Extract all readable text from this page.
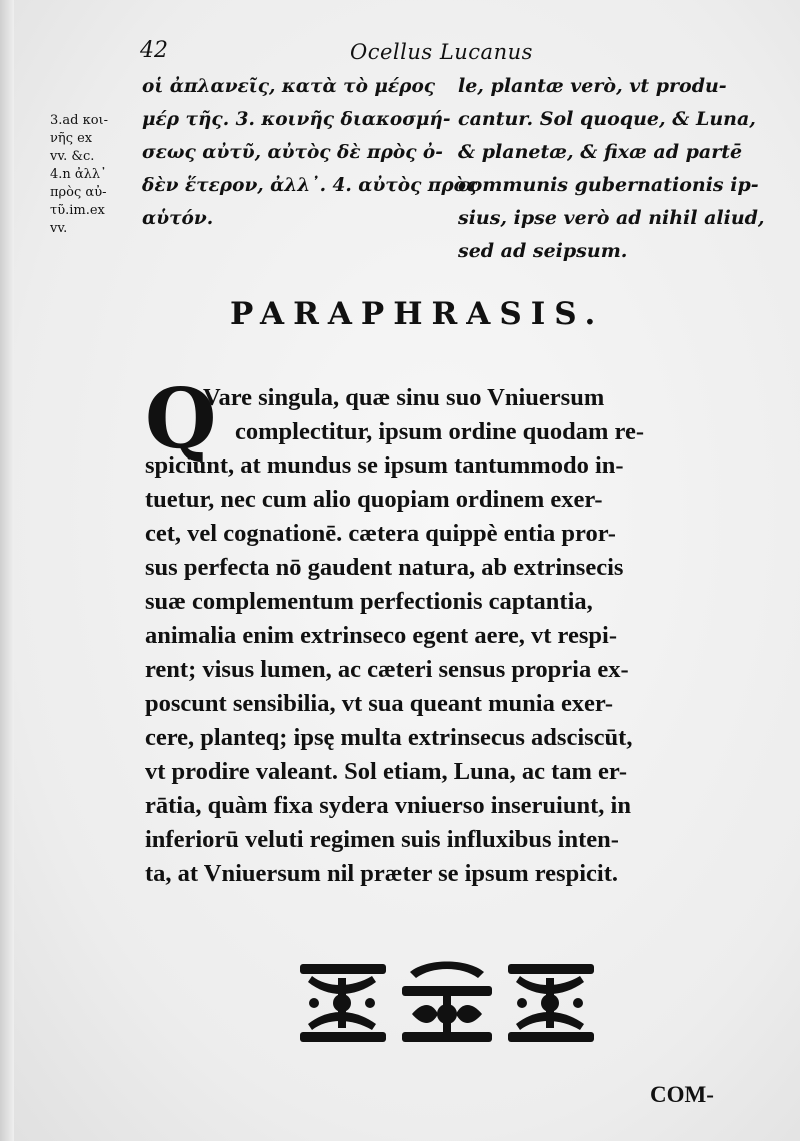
42	Ocellus Lucanus
3.ad κοι-
νῆς ex
vv. &c.
4.n ἀλλ᾽
πρὸς αὐ-
τῦ.im.ex
vv.
οἱ ἀπλανεῖς, κατὰ τὸ μέρος
μέρ τῆς. 3. κοινῆς διακοσμή-
σεως αὐτῦ, αὐτὸς δὲ πρὸς ὀ-
δὲν ἕτερον, ἀλλ᾽. 4. αὐτὸς πρὸς
αὑτόν.
le, plantæ verò, vt produ-
cantur. Sol quoque, & Luna,
& planetæ, & fixæ ad partē
communis gubernationis ip-
sius, ipse verò ad nihil aliud,
sed ad seipsum.
PARAPHRASIS.
Q
Vare singula, quæ sinu suo Vniuersum
complectitur, ipsum ordine quodam re-
spiciunt, at mundus se ipsum tantummodo in-
tuetur, nec cum alio quopiam ordinem exer-
cet, vel cognationē. cætera quippè entia pror-
sus perfecta nō gaudent natura, ab extrinsecis
suæ complementum perfectionis captantia,
animalia enim extrinseco egent aere, vt respi-
rent; visus lumen, ac cæteri sensus propria ex-
poscunt sensibilia, vt sua queant munia exer-
cere, planteq; ipsę multa extrinsecus adsciscūt,
vt prodire valeant. Sol etiam, Luna, ac tam er-
rātia, quàm fixa sydera vniuerso inseruiunt, in
inferiorū veluti regimen suis influxibus inten-
ta, at Vniuersum nil præter se ipsum respicit.
COM-
